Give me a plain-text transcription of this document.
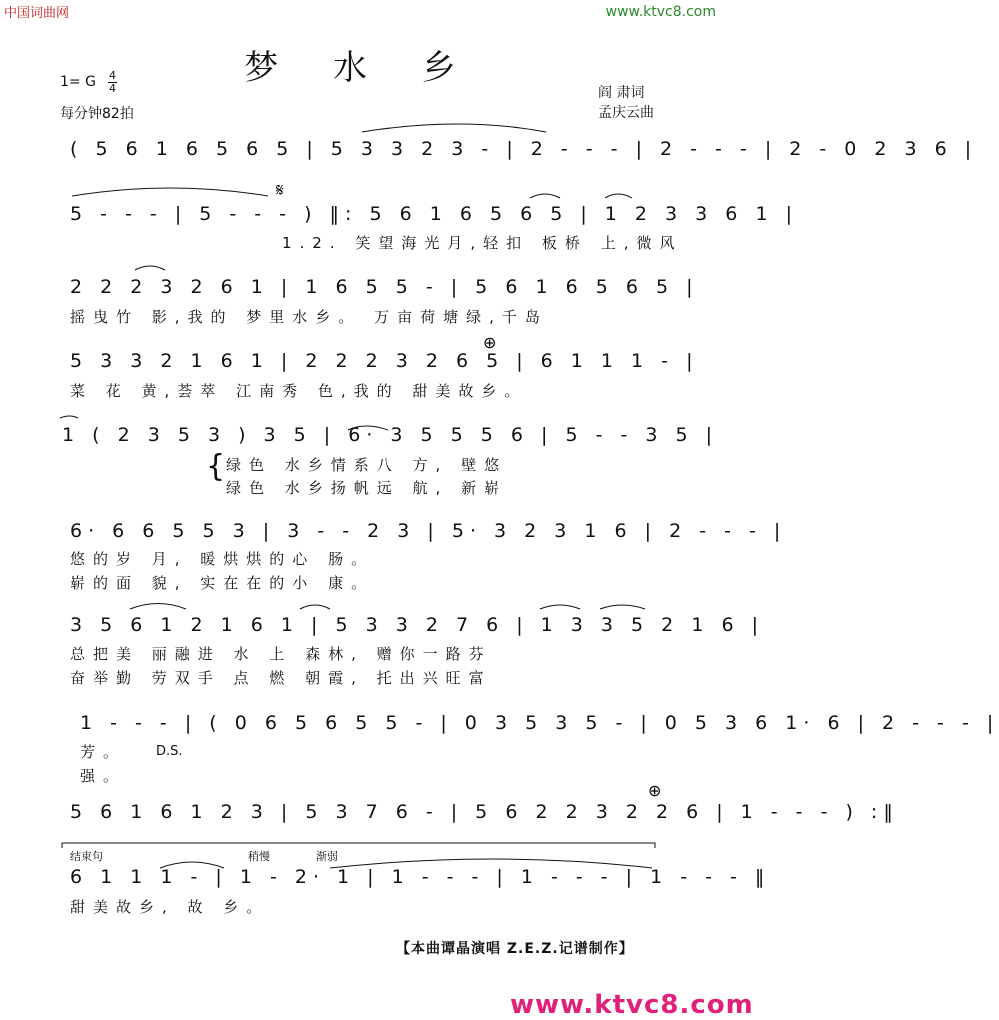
中国词曲网	www.ktvc8.com
梦 水 乡
1= G 4
4
每分钟82拍
阎 肃词
孟庆云曲
𝄋
⊕
⊕
( 5 6 1 6 5 6 5 | 5 3 3 2 3 - | 2 - - - | 2 - - - | 2 - 0 2 3 6 |
5 - - - | 5 - - - ) ‖: 5 6 1 6 5 6 5 | 1 2 3 3 6 1 |
1.2. 笑望海光月,轻扣 板桥 上,微风
2 2 2 3 2 6 1 | 1 6 5 5 - | 5 6 1 6 5 6 5 |
摇曳竹 影,我的 梦里水乡。 万亩荷塘绿,千岛
5 3 3 2 1 6 1 | 2 2 2 3 2 6 5 | 6 1 1 1 - |
菜 花 黄,荟萃 江南秀 色,我的 甜美故乡。
1 ( 2 3 5 3 ) 3 5 | 6· 3 5 5 5 6 | 5 - - 3 5 |
{ 绿色 水乡情系八 方, 壁悠
绿色 水乡扬帆远 航, 新崭
6· 6 6 5 5 3 | 3 - - 2 3 | 5· 3 2 3 1 6 | 2 - - - |
悠的岁 月, 暖烘烘的心 肠。
崭的面 貌, 实在在的小 康。
3 5 6 1 2 1 6 1 | 5 3 3 2 7 6 | 1 3 3 5 2 1 6 |
总把美 丽融进 水 上 森林, 赠你一路芬
奋举勤 劳双手 点 燃 朝霞, 托出兴旺富
1 - - - | ( 0 6 5 6 5 5 - | 0 3 5 3 5 - | 0 5 3 6 1· 6 | 2 - - - |
芳。
强。
D.S.
5 6 1 6 1 2 3 | 5 3 7 6 - | 5 6 2 2 3 2 2 6 | 1 - - - ) :‖
结束句	稍慢	渐弱
6 1 1 1 - | 1 - 2· 1 | 1 - - - | 1 - - - | 1 - - - ‖
甜美故乡, 故 乡。
【本曲谭晶演唱 Z.E.Z.记谱制作】
www.ktvc8.com
